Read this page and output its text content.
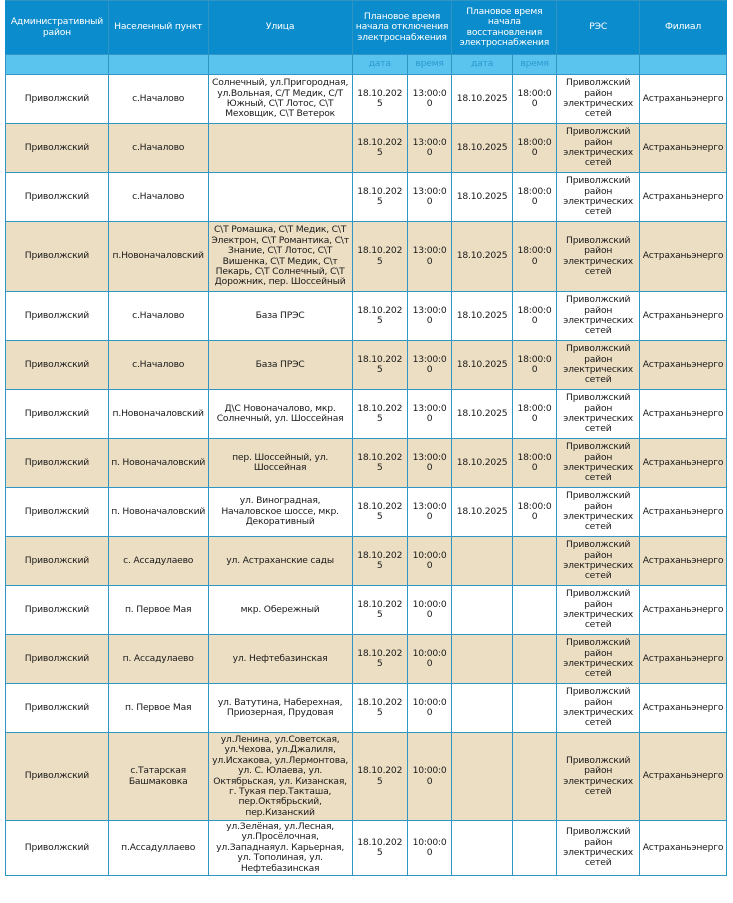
Административный район	Населенный пункт	Улица	Плановое время начала отключения электроснабжения		Плановое время начала восстановления электроснабжения		РЭС	Филиал
			дата	время	дата	время		
Приволжский	с.Началово	Солнечный, ул.Пригородная, ул.Вольная, С/Т Медик, С/Т Южный, С\Т Лотос, С\Т Меховщик, С\Т Ветерок	18.10.2025	13:00:00	18.10.2025	18:00:00	Приволжский район электрических сетей	Астраханьэнерго
Приволжский	с.Началово		18.10.2025	13:00:00	18.10.2025	18:00:00	Приволжский район электрических сетей	Астраханьэнерго
Приволжский	с.Началово		18.10.2025	13:00:00	18.10.2025	18:00:00	Приволжский район электрических сетей	Астраханьэнерго
Приволжский	п.Новоначаловский	С\Т Ромашка, С\Т Медик, С\Т Электрон, С\Т Романтика, С\т Знание, С\Т Лотос, С\Т Вишенка, С\Т Медик, С\т Пекарь, С\Т Солнечный, С\Т Дорожник, пер. Шоссейный	18.10.2025	13:00:00	18.10.2025	18:00:00	Приволжский район электрических сетей	Астраханьэнерго
Приволжский	с.Началово	База ПРЭС	18.10.2025	13:00:00	18.10.2025	18:00:00	Приволжский район электрических сетей	Астраханьэнерго
Приволжский	с.Началово	База ПРЭС	18.10.2025	13:00:00	18.10.2025	18:00:00	Приволжский район электрических сетей	Астраханьэнерго
Приволжский	п.Новоначаловский	Д\С Новоначалово, мкр. Солнечный, ул. Шоссейная	18.10.2025	13:00:00	18.10.2025	18:00:00	Приволжский район электрических сетей	Астраханьэнерго
Приволжский	п. Новоначаловский	пер. Шоссейный, ул. Шоссейная	18.10.2025	13:00:00	18.10.2025	18:00:00	Приволжский район электрических сетей	Астраханьэнерго
Приволжский	п. Новоначаловский	ул. Виноградная, Началовское шоссе, мкр. Декоративный	18.10.2025	13:00:00	18.10.2025	18:00:00	Приволжский район электрических сетей	Астраханьэнерго
Приволжский	с. Ассадулаево	ул. Астраханские сады	18.10.2025	10:00:00			Приволжский район электрических сетей	Астраханьэнерго
Приволжский	п. Первое Мая	мкр. Обережный	18.10.2025	10:00:00			Приволжский район электрических сетей	Астраханьэнерго
Приволжский	п. Ассадулаево	ул. Нефтебазинская	18.10.2025	10:00:00			Приволжский район электрических сетей	Астраханьэнерго
Приволжский	п. Первое Мая	ул. Ватутина, Наберехная, Приозерная, Прудовая	18.10.2025	10:00:00			Приволжский район электрических сетей	Астраханьэнерго
Приволжский	с.Татарская Башмаковка	ул.Ленина, ул.Советская, ул.Чехова, ул.Джалиля, ул.Исхакова, ул.Лермонтова, ул. С. Юлаева, ул. Октябрьская, ул. Кизанская, г. Тукая пер.Такташа, пер.Октябрьский, пер.Кизанский	18.10.2025	10:00:00			Приволжский район электрических сетей	Астраханьэнерго
Приволжский	п.Ассадуллаево	ул.Зелёная, ул.Лесная, ул.Просёлочная, ул.Западнаяул. Карьерная, ул. Тополиная, ул. Нефтебазинская	18.10.2025	10:00:00			Приволжский район электрических сетей	Астраханьэнерго
